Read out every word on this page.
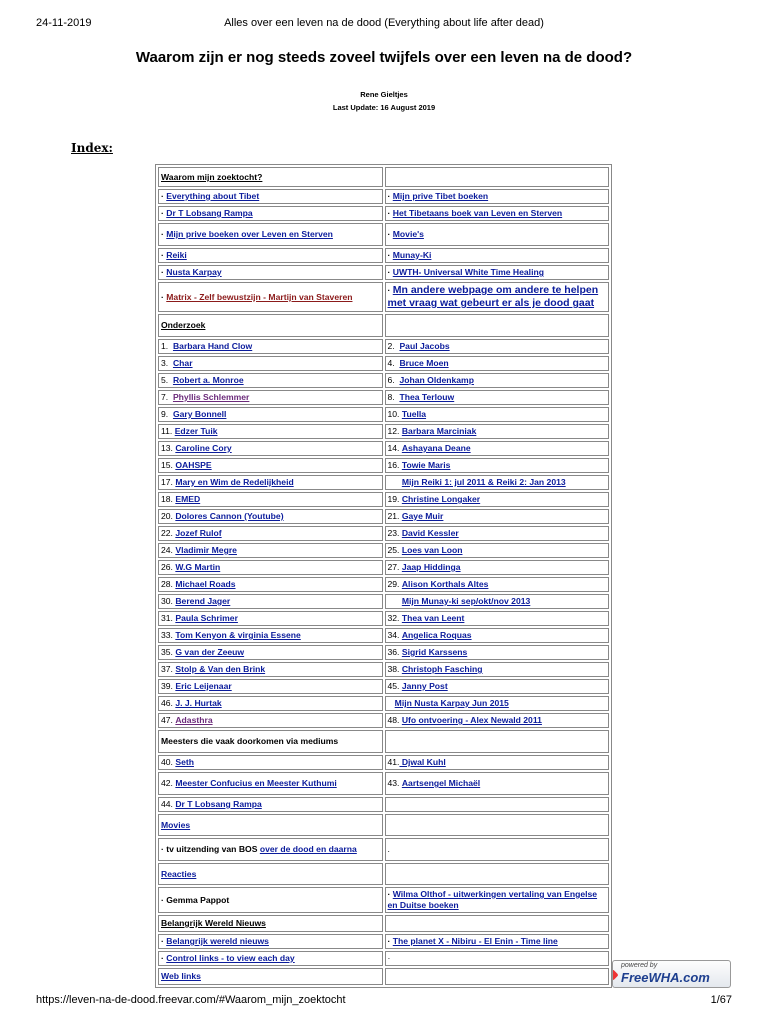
24-11-2019	Alles over een leven na de dood (Everything about life after dead)
Waarom zijn er nog steeds zoveel twijfels over een leven na de dood?
Rene Gieltjes
Last Update: 16 August 2019
Index:
Waarom mijn zoektocht?	
· Everything about Tibet	· Mijn prive Tibet boeken
· Dr T Lobsang Rampa	· Het Tibetaans boek van Leven en Sterven
· Mijn prive boeken over Leven en Sterven	· Movie's
· Reiki	· Munay-Ki
· Nusta Karpay	· UWTH- Universal White Time Healing
· Matrix - Zelf bewustzijn - Martijn van Staveren	· Mn andere webpage om andere te helpen met vraag wat gebeurt er als je dood gaat
Onderzoek	
1.  Barbara Hand Clow	2.  Paul Jacobs
3.  Char	4.  Bruce Moen
5.  Robert a. Monroe	6.  Johan Oldenkamp
7.  Phyllis Schlemmer	8.  Thea Terlouw
9.  Gary Bonnell	10. Tuella
11. Edzer Tuik	12. Barbara Marciniak
13. Caroline Cory	14. Ashayana Deane
15. OAHSPE	16. Towie Maris
17. Mary en Wim de Redelijkheid	Mijn Reiki 1: jul 2011 & Reiki 2: Jan 2013
18. EMED	19. Christine Longaker
20. Dolores Cannon (Youtube)	21. Gaye Muir
22. Jozef Rulof	23. David Kessler
24. Vladimir Megre	25. Loes van Loon
26. W.G Martin	27. Jaap Hiddinga
28. Michael Roads	29. Alison Korthals Altes
30. Berend Jager	Mijn Munay-ki sep/okt/nov 2013
31. Paula Schrimer	32. Thea van Leent
33. Tom Kenyon & virginia Essene	34. Angelica Roquas
35. G van der Zeeuw	36. Sigrid Karssens
37. Stolp & Van den Brink	38. Christoph Fasching
39. Eric Leijenaar	45. Janny Post
46. J. J. Hurtak	Mijn Nusta Karpay Jun 2015
47. Adasthra	48. Ufo ontvoering - Alex Newald 2011
Meesters die vaak doorkomen via mediums	
40. Seth	41. Djwal Kuhl
42. Meester Confucius en Meester Kuthumi	43. Aartsengel Michaël
44. Dr T Lobsang Rampa	
Movies	
· tv uitzending van BOS over de dood en daarna	.
Reacties	
· Gemma Pappot	· Wilma Olthof - uitwerkingen vertaling van Engelse en Duitse boeken
Belangrijk Wereld Nieuws	
· Belangrijk wereld nieuws	· The planet X - Nibiru - El Enin - Time line
· Control links - to view each day	·
Web links	
powered by
FreeWHA.com
https://leven-na-de-dood.freevar.com/#Waarom_mijn_zoektocht	1/67
